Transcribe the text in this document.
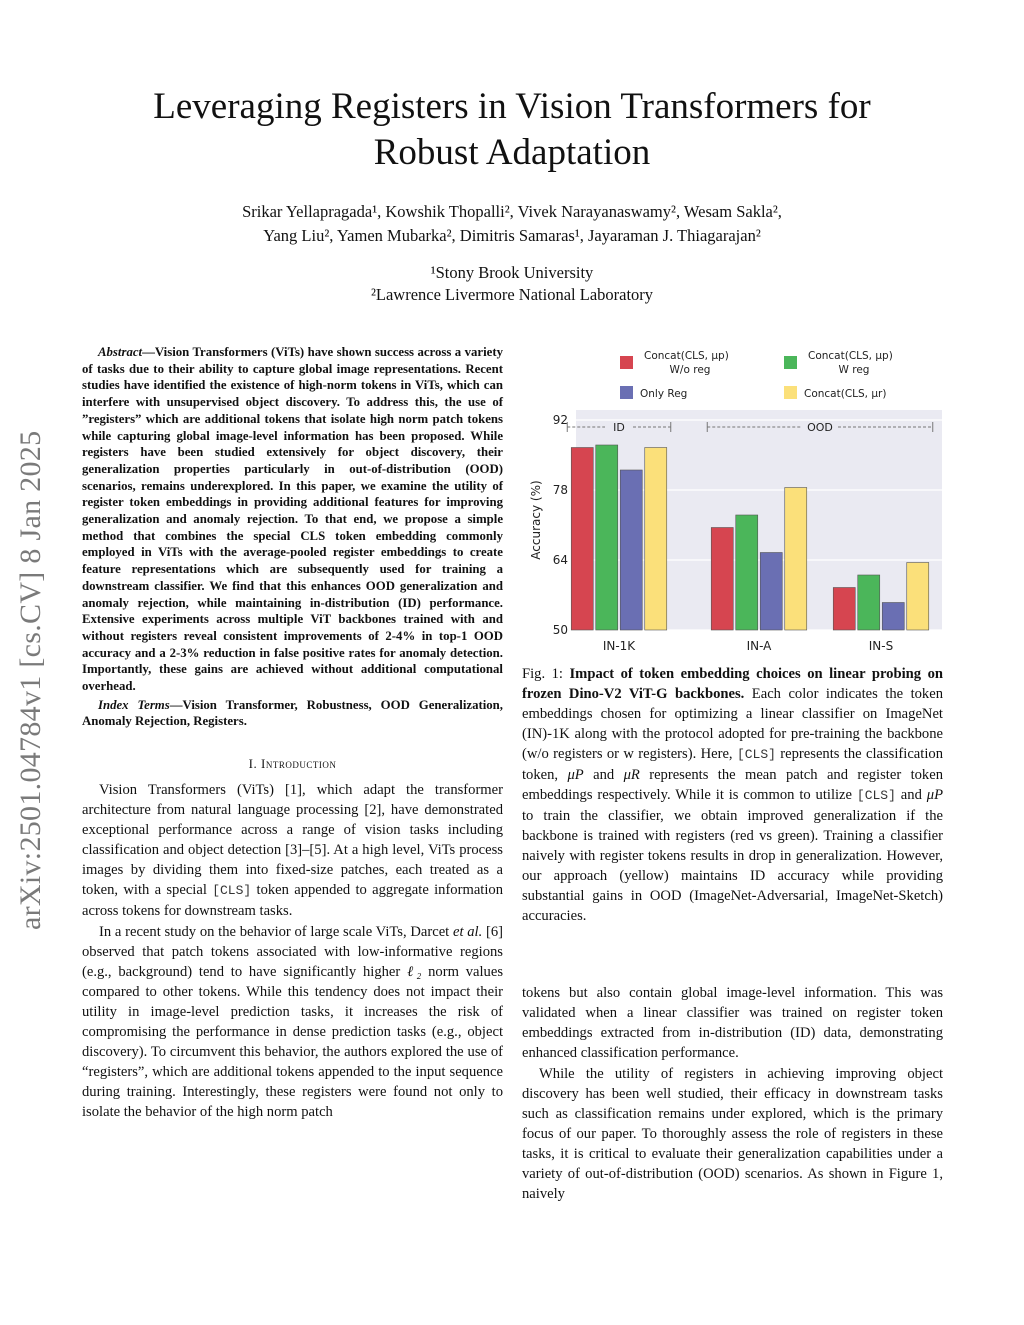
arXiv:2501.04784v1 [cs.CV] 8 Jan 2025
Leveraging Registers in Vision Transformers for
Robust Adaptation
Srikar Yellapragada¹, Kowshik Thopalli², Vivek Narayanaswamy², Wesam Sakla²,
Yang Liu², Yamen Mubarka², Dimitris Samaras¹, Jayaraman J. Thiagarajan²
¹Stony Brook University
²Lawrence Livermore National Laboratory

Abstract—Vision Transformers (ViTs) have shown success across a variety of tasks due to their ability to capture global image representations. Recent studies have identified the existence of high-norm tokens in ViTs, which can interfere with unsupervised object discovery. To address this, the use of ”registers” which are additional tokens that isolate high norm patch tokens while capturing global image-level information has been proposed. While registers have been studied extensively for object discovery, their generalization properties particularly in out-of-distribution (OOD) scenarios, remains underexplored. In this paper, we examine the utility of register token embeddings in providing additional features for improving generalization and anomaly rejection. To that end, we propose a simple method that combines the special CLS token embedding commonly employed in ViTs with the average-pooled register embeddings to create feature representations which are subsequently used for training a downstream classifier. We find that this enhances OOD generalization and anomaly rejection, while maintaining in-distribution (ID) performance. Extensive experiments across multiple ViT backbones trained with and without registers reveal consistent improvements of 2-4% in top-1 OOD accuracy and a 2-3% reduction in false positive rates for anomaly detection. Importantly, these gains are achieved without additional computational overhead.

Index Terms—Vision Transformer, Robustness, OOD Generalization, Anomaly Rejection, Registers.

I. Introduction

Vision Transformers (ViTs) [1], which adapt the transformer architecture from natural language processing [2], have demonstrated exceptional performance across a range of vision tasks including classification and object detection [3]–[5]. At a high level, ViTs process images by dividing them into fixed-size patches, each treated as a token, with a special [CLS] token appended to aggregate information across tokens for downstream tasks.

In a recent study on the behavior of large scale ViTs, Darcet et al. [6] observed that patch tokens associated with low-informative regions (e.g., background) tend to have significantly higher ℓ₂ norm values compared to other tokens. While this tendency does not impact their utility in image-level prediction tasks, it increases the risk of compromising the performance in dense prediction tasks (e.g., object discovery). To circumvent this behavior, the authors explored the use of “registers”, which are additional tokens appended to the input sequence during training. Interestingly, these registers were found not only to isolate the behavior of the high norm patch

50
64
78
92
Accuracy (%)
IN-1K	IN-A	IN-S
ID	OOD
Concat(CLS, μp)
W/o reg
Concat(CLS, μp)
W reg
Only Reg	Concat(CLS, μr)

Fig. 1: Impact of token embedding choices on linear probing on frozen Dino-V2 ViT-G backbones. Each color indicates the token embeddings chosen for optimizing a linear classifier on ImageNet (IN)-1K along with the protocol adopted for pre-training the backbone (w/o registers or w registers). Here, [CLS] represents the classification token, μP and μR represents the mean patch and register token embeddings respectively. While it is common to utilize [CLS] and μP to train the classifier, we obtain improved generalization if the backbone is trained with registers (red vs green). Training a classifier naively with register tokens results in drop in generalization. However, our approach (yellow) maintains ID accuracy while providing substantial gains in OOD (ImageNet-Adversarial, ImageNet-Sketch) accuracies.

tokens but also contain global image-level information. This was validated when a linear classifier was trained on register token embeddings extracted from in-distribution (ID) data, demonstrating enhanced classification performance.

While the utility of registers in achieving improving object discovery has been well studied, their efficacy in downstream tasks such as classification remains under explored, which is the primary focus of our paper. To thoroughly assess the role of registers in these tasks, it is critical to evaluate their generalization capabilities under a variety of out-of-distribution (OOD) scenarios. As shown in Figure 1, naively
